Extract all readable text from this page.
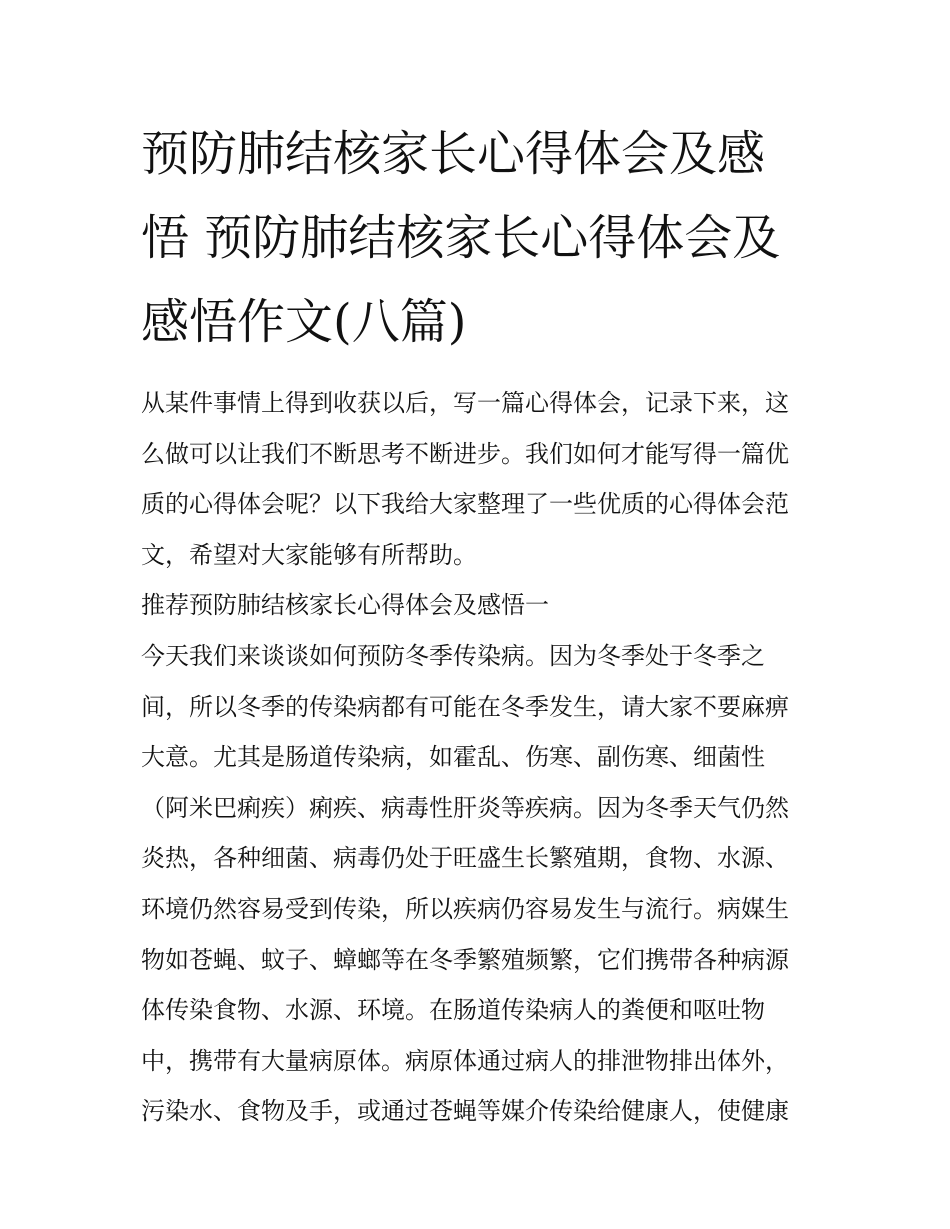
预防肺结核家长心得体会及感
悟 预防肺结核家长心得体会及
感悟作文(八篇)

从某件事情上得到收获以后，写一篇心得体会，记录下来，这
么做可以让我们不断思考不断进步。我们如何才能写得一篇优
质的心得体会呢？以下我给大家整理了一些优质的心得体会范
文，希望对大家能够有所帮助。

推荐预防肺结核家长心得体会及感悟一

今天我们来谈谈如何预防冬季传染病。因为冬季处于冬季之
间，所以冬季的传染病都有可能在冬季发生，请大家不要麻痹
大意。尤其是肠道传染病，如霍乱、伤寒、副伤寒、细菌性
（阿米巴痢疾）痢疾、病毒性肝炎等疾病。因为冬季天气仍然
炎热，各种细菌、病毒仍处于旺盛生长繁殖期，食物、水源、
环境仍然容易受到传染，所以疾病仍容易发生与流行。病媒生
物如苍蝇、蚊子、蟑螂等在冬季繁殖频繁，它们携带各种病源
体传染食物、水源、环境。在肠道传染病人的粪便和呕吐物
中，携带有大量病原体。病原体通过病人的排泄物排出体外，
污染水、食物及手，或通过苍蝇等媒介传染给健康人，使健康
